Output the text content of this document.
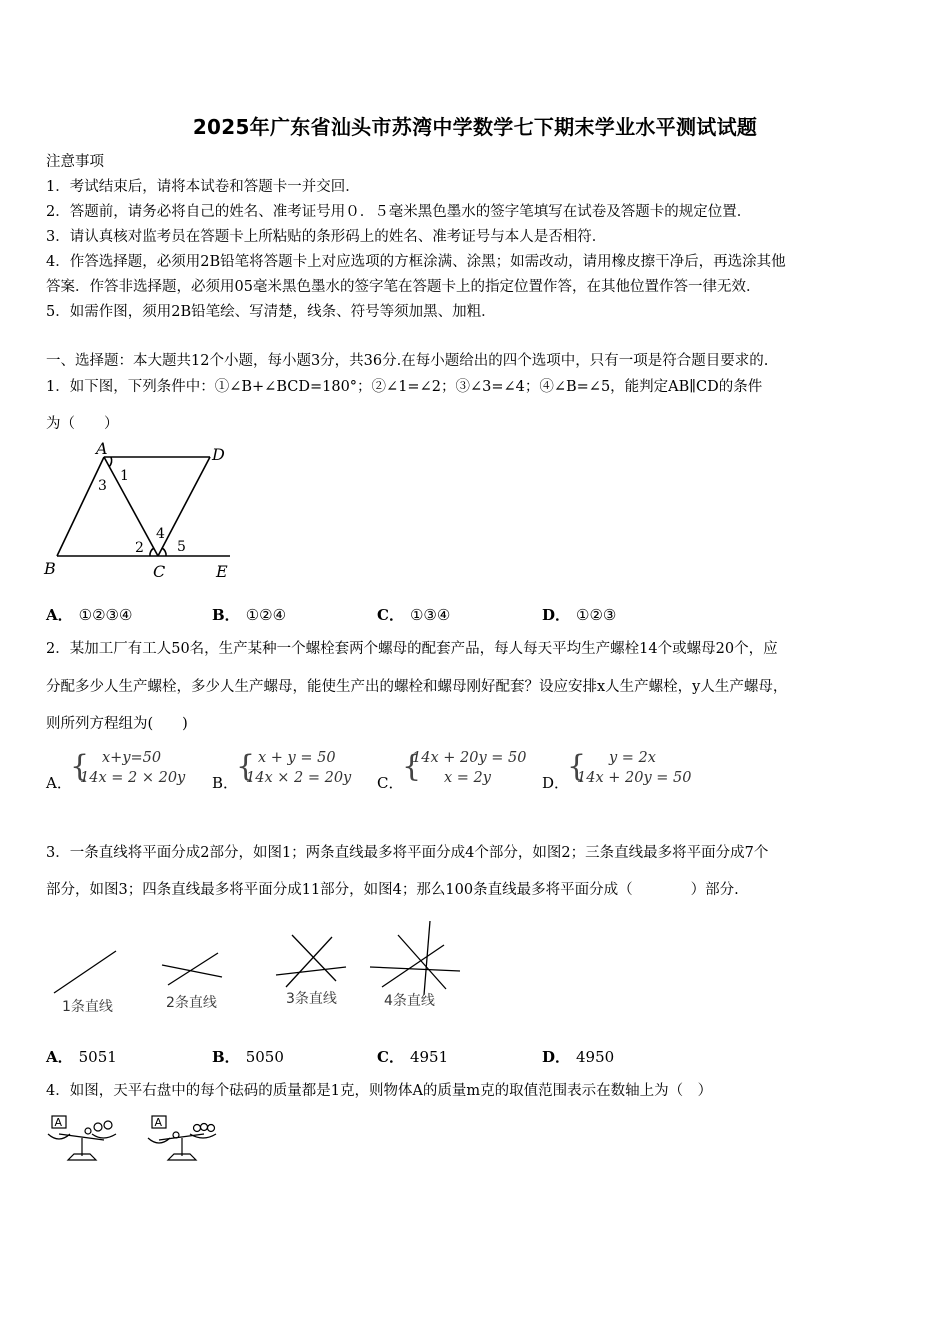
2025年广东省汕头市苏湾中学数学七下期末学业水平测试试题
注意事项
1．考试结束后，请将本试卷和答题卡一并交回．
2．答题前，请务必将自己的姓名、准考证号用０．５毫米黑色墨水的签字笔填写在试卷及答题卡的规定位置．
3．请认真核对监考员在答题卡上所粘贴的条形码上的姓名、准考证号与本人是否相符．
4．作答选择题，必须用2B铅笔将答题卡上对应选项的方框涂满、涂黑；如需改动，请用橡皮擦干净后，再选涂其他
答案．作答非选择题，必须用05毫米黑色墨水的签字笔在答题卡上的指定位置作答，在其他位置作答一律无效．
5．如需作图，须用2B铅笔绘、写清楚，线条、符号等须加黑、加粗．
一、选择题：本大题共12个小题，每小题3分，共36分.在每小题给出的四个选项中，只有一项是符合题目要求的.
1．如下图，下列条件中：①∠B+∠BCD=180°；②∠1=∠2；③∠3=∠4；④∠B=∠5，能判定AB∥CD的条件
为（　　）
A	D
B	C	E
1
3
2
4
5
A． ①②③④	B． ①②④	C． ①③④	D． ①②③
2．某加工厂有工人50名，生产某种一个螺栓套两个螺母的配套产品，每人每天平均生产螺栓14个或螺母20个，应
分配多少人生产螺栓，多少人生产螺母，能使生产出的螺栓和螺母刚好配套？设应安排x人生产螺栓，y人生产螺母，
则所列方程组为(　　)
A．
{ x+y=50
14x = 2 × 20y B．
{ x + y = 50
14x × 2 = 20y C．
{
14x + 20y = 50
x = 2y	D．
{ y = 2x
14x + 20y = 50
3．一条直线将平面分成2部分，如图1；两条直线最多将平面分成4个部分，如图2；三条直线最多将平面分成7个
部分，如图3；四条直线最多将平面分成11部分，如图4；那么100条直线最多将平面分成（　　　　）部分.
1条直线	2条直线	3条直线	4条直线
A． 5051	B． 5050	C． 4951	D． 4950
4．如图，天平右盘中的每个砝码的质量都是1克，则物体A的质量m克的取值范围表示在数轴上为（　）
A	A
